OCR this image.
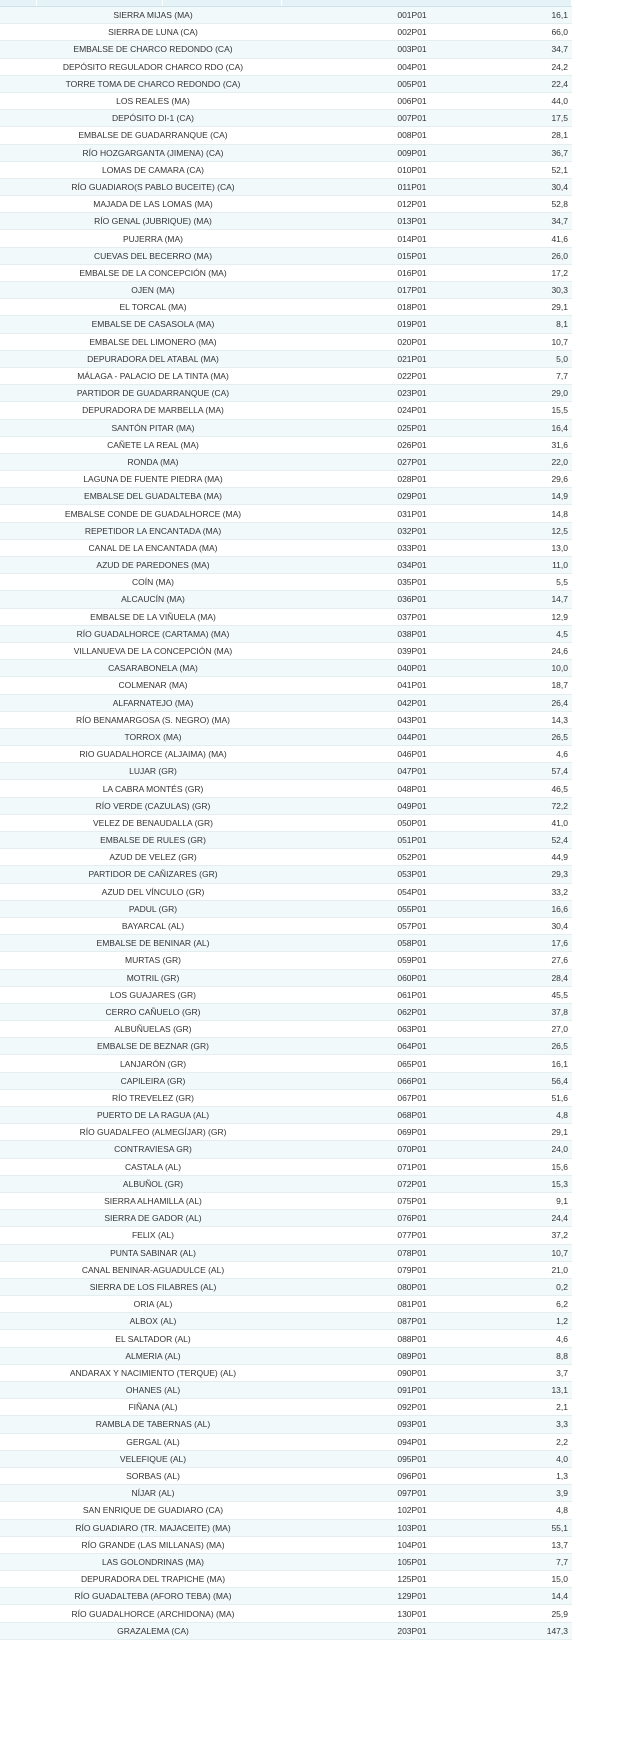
SIERRA MIJAS (MA)	001P01	16,1
SIERRA DE LUNA (CA)	002P01	66,0
EMBALSE DE CHARCO REDONDO (CA)	003P01	34,7
DEPÓSITO REGULADOR CHARCO RDO (CA)	004P01	24,2
TORRE TOMA DE CHARCO REDONDO (CA)	005P01	22,4
LOS REALES (MA)	006P01	44,0
DEPÓSITO DI-1 (CA)	007P01	17,5
EMBALSE DE GUADARRANQUE (CA)	008P01	28,1
RÍO HOZGARGANTA (JIMENA) (CA)	009P01	36,7
LOMAS DE CAMARA (CA)	010P01	52,1
RÍO GUADIARO(S PABLO BUCEITE) (CA)	011P01	30,4
MAJADA DE LAS LOMAS (MA)	012P01	52,8
RÍO GENAL (JUBRIQUE) (MA)	013P01	34,7
PUJERRA (MA)	014P01	41,6
CUEVAS DEL BECERRO (MA)	015P01	26,0
EMBALSE DE LA CONCEPCIÓN (MA)	016P01	17,2
OJEN (MA)	017P01	30,3
EL TORCAL (MA)	018P01	29,1
EMBALSE DE CASASOLA (MA)	019P01	8,1
EMBALSE DEL LIMONERO (MA)	020P01	10,7
DEPURADORA DEL ATABAL (MA)	021P01	5,0
MÁLAGA - PALACIO DE LA TINTA (MA)	022P01	7,7
PARTIDOR DE GUADARRANQUE (CA)	023P01	29,0
DEPURADORA DE MARBELLA (MA)	024P01	15,5
SANTÓN PITAR (MA)	025P01	16,4
CAÑETE LA REAL (MA)	026P01	31,6
RONDA (MA)	027P01	22,0
LAGUNA DE FUENTE PIEDRA (MA)	028P01	29,6
EMBALSE DEL GUADALTEBA (MA)	029P01	14,9
EMBALSE CONDE DE GUADALHORCE (MA)	031P01	14,8
REPETIDOR LA ENCANTADA (MA)	032P01	12,5
CANAL DE LA ENCANTADA (MA)	033P01	13,0
AZUD DE PAREDONES (MA)	034P01	11,0
COÍN (MA)	035P01	5,5
ALCAUCÍN (MA)	036P01	14,7
EMBALSE DE LA VIÑUELA (MA)	037P01	12,9
RÍO GUADALHORCE (CARTAMA) (MA)	038P01	4,5
VILLANUEVA DE LA CONCEPCIÓN (MA)	039P01	24,6
CASARABONELA (MA)	040P01	10,0
COLMENAR (MA)	041P01	18,7
ALFARNATEJO (MA)	042P01	26,4
RÍO BENAMARGOSA (S. NEGRO) (MA)	043P01	14,3
TORROX (MA)	044P01	26,5
RIO GUADALHORCE (ALJAIMA) (MA)	046P01	4,6
LUJAR (GR)	047P01	57,4
LA CABRA MONTÉS (GR)	048P01	46,5
RÍO VERDE (CAZULAS) (GR)	049P01	72,2
VELEZ DE BENAUDALLA (GR)	050P01	41,0
EMBALSE DE RULES (GR)	051P01	52,4
AZUD DE VELEZ (GR)	052P01	44,9
PARTIDOR DE CAÑIZARES (GR)	053P01	29,3
AZUD DEL VÍNCULO (GR)	054P01	33,2
PADUL (GR)	055P01	16,6
BAYARCAL (AL)	057P01	30,4
EMBALSE DE BENINAR (AL)	058P01	17,6
MURTAS (GR)	059P01	27,6
MOTRIL (GR)	060P01	28,4
LOS GUAJARES (GR)	061P01	45,5
CERRO CAÑUELO (GR)	062P01	37,8
ALBUÑUELAS (GR)	063P01	27,0
EMBALSE DE BEZNAR (GR)	064P01	26,5
LANJARÓN (GR)	065P01	16,1
CAPILEIRA (GR)	066P01	56,4
RÍO TREVELEZ (GR)	067P01	51,6
PUERTO DE LA RAGUA (AL)	068P01	4,8
RÍO GUADALFEO (ALMEGÍJAR) (GR)	069P01	29,1
CONTRAVIESA GR)	070P01	24,0
CASTALA (AL)	071P01	15,6
ALBUÑOL (GR)	072P01	15,3
SIERRA ALHAMILLA (AL)	075P01	9,1
SIERRA DE GADOR (AL)	076P01	24,4
FELIX (AL)	077P01	37,2
PUNTA SABINAR (AL)	078P01	10,7
CANAL BENINAR-AGUADULCE (AL)	079P01	21,0
SIERRA DE LOS FILABRES (AL)	080P01	0,2
ORIA (AL)	081P01	6,2
ALBOX (AL)	087P01	1,2
EL SALTADOR (AL)	088P01	4,6
ALMERIA (AL)	089P01	8,8
ANDARAX Y NACIMIENTO (TERQUE) (AL)	090P01	3,7
OHANES (AL)	091P01	13,1
FIÑANA (AL)	092P01	2,1
RAMBLA DE TABERNAS (AL)	093P01	3,3
GERGAL (AL)	094P01	2,2
VELEFIQUE (AL)	095P01	4,0
SORBAS (AL)	096P01	1,3
NÍJAR (AL)	097P01	3,9
SAN ENRIQUE DE GUADIARO (CA)	102P01	4,8
RÍO GUADIARO (TR. MAJACEITE) (MA)	103P01	55,1
RÍO GRANDE (LAS MILLANAS) (MA)	104P01	13,7
LAS GOLONDRINAS (MA)	105P01	7,7
DEPURADORA DEL TRAPICHE (MA)	125P01	15,0
RÍO GUADALTEBA (AFORO TEBA) (MA)	129P01	14,4
RÍO GUADALHORCE (ARCHIDONA) (MA)	130P01	25,9
GRAZALEMA (CA)	203P01	147,3
